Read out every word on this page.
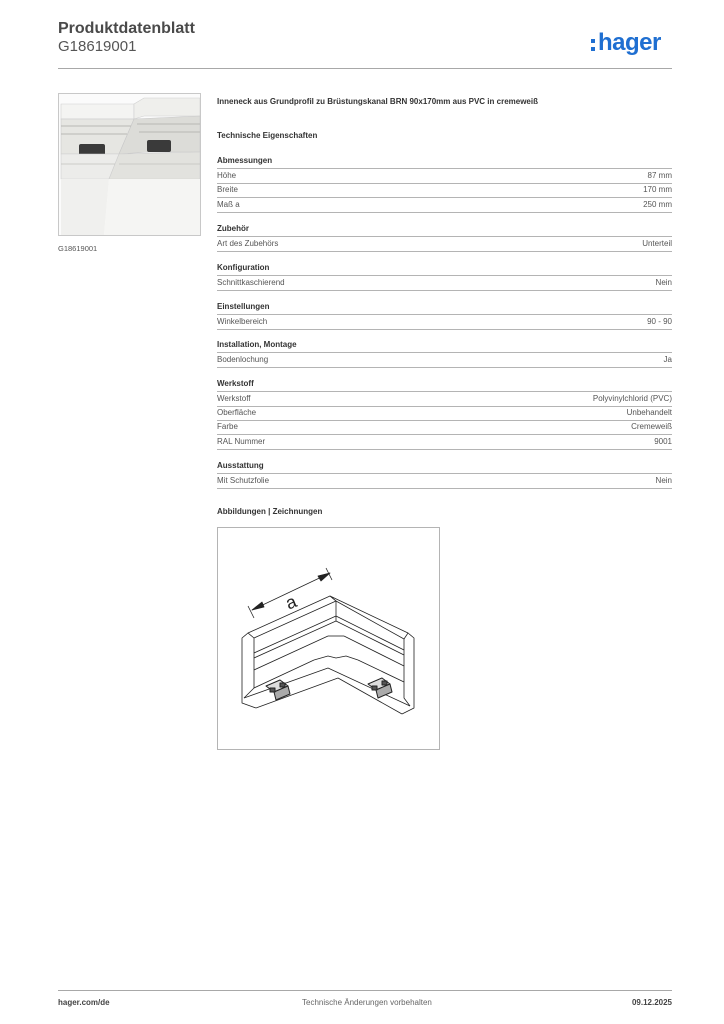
Produktdatenblatt
G18619001	hager
G18619001
Inneneck aus Grundprofil zu Brüstungskanal BRN 90x170mm aus PVC in cremeweiß
Technische Eigenschaften
Abmessungen
Höhe	87 mm
Breite	170 mm
Maß a	250 mm
Zubehör
Art des Zubehörs	Unterteil
Konfiguration
Schnittkaschierend	Nein
Einstellungen
Winkelbereich	90 - 90
Installation, Montage
Bodenlochung	Ja
Werkstoff
Werkstoff	Polyvinylchlorid (PVC)
Oberfläche	Unbehandelt
Farbe	Cremeweiß
RAL Nummer	9001
Ausstattung
Mit Schutzfolie	Nein
Abbildungen | Zeichnungen
a
hager.com/de	Technische Änderungen vorbehalten	09.12.2025
